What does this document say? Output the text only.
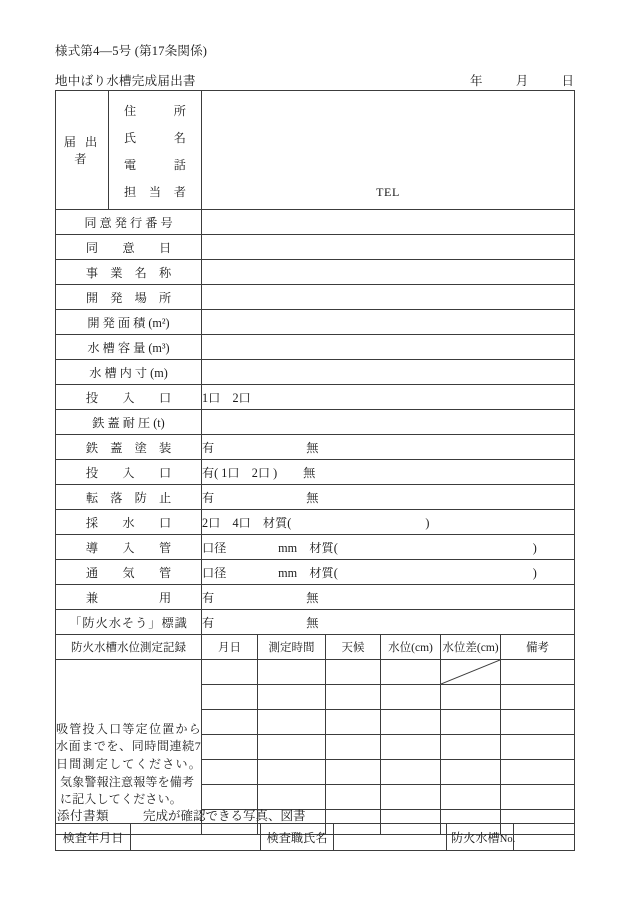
様式第4―5号 (第17条関係)
地中ばり水槽完成届出書	年	月	日
届 出 者	住　　所
氏　　名
電　　話
担 当 者	TEL					

同 意 発 行 番 号							
同　　意　　日							
事　業　名　称							
開　発　場　所							
開 発 面 積 (m²)							
水 槽 容 量 (m³)							
水 槽 内 寸 (m)							
投　　入　　口		1口　2口					
鉄 蓋 耐 圧 (t)							
鉄　蓋　塗　装		有 無					
投　　入　　口		有( 1口　2口 ) 無					
転　落　防　止		有 無					
採　　水　　口		2口　4口　材質(　　　　　　　　　　　)					
導　　入　　管		口径　　　　 mm　材質(　　　　　　　　　　　　　　　　)					
通　　気　　管		口径　　　　 mm　材質(　　　　　　　　　　　　　　　　)					
兼　　　　　用		有 無					
「防火水そう」標識		有 無					
防火水槽水位測定記録		月日	測定時間	天候	水位(cm)	水位差(cm)	備考

吸管投入口等定位置から水面までを、同時間連続7日間測定してください。
気象警報注意報等を備考に記入してください。

添付書類	完成が確認できる写真、図書
検査年月日		検査職氏名		防火水槽No.	
